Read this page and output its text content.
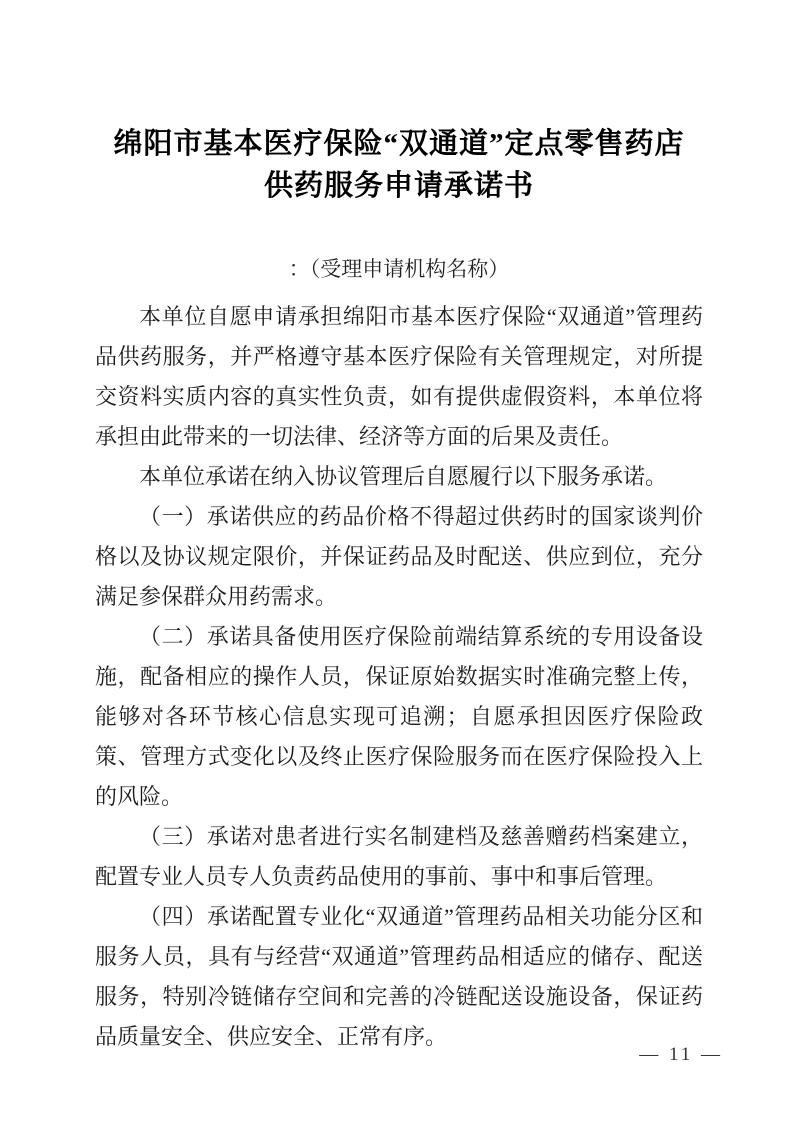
绵阳市基本医疗保险“双通道”定点零售药店
供药服务申请承诺书
：（受理申请机构名称）

本单位自愿申请承担绵阳市基本医疗保险“双通道”管理药品供药服务，并严格遵守基本医疗保险有关管理规定，对所提交资料实质内容的真实性负责，如有提供虚假资料，本单位将承担由此带来的一切法律、经济等方面的后果及责任。

本单位承诺在纳入协议管理后自愿履行以下服务承诺。

（一）承诺供应的药品价格不得超过供药时的国家谈判价格以及协议规定限价，并保证药品及时配送、供应到位，充分满足参保群众用药需求。

（二）承诺具备使用医疗保险前端结算系统的专用设备设施，配备相应的操作人员，保证原始数据实时准确完整上传，能够对各环节核心信息实现可追溯；自愿承担因医疗保险政策、管理方式变化以及终止医疗保险服务而在医疗保险投入上的风险。

（三）承诺对患者进行实名制建档及慈善赠药档案建立，配置专业人员专人负责药品使用的事前、事中和事后管理。

（四）承诺配置专业化“双通道”管理药品相关功能分区和服务人员，具有与经营“双通道”管理药品相适应的储存、配送服务，特别冷链储存空间和完善的冷链配送设施设备，保证药品质量安全、供应安全、正常有序。

— 11 —
